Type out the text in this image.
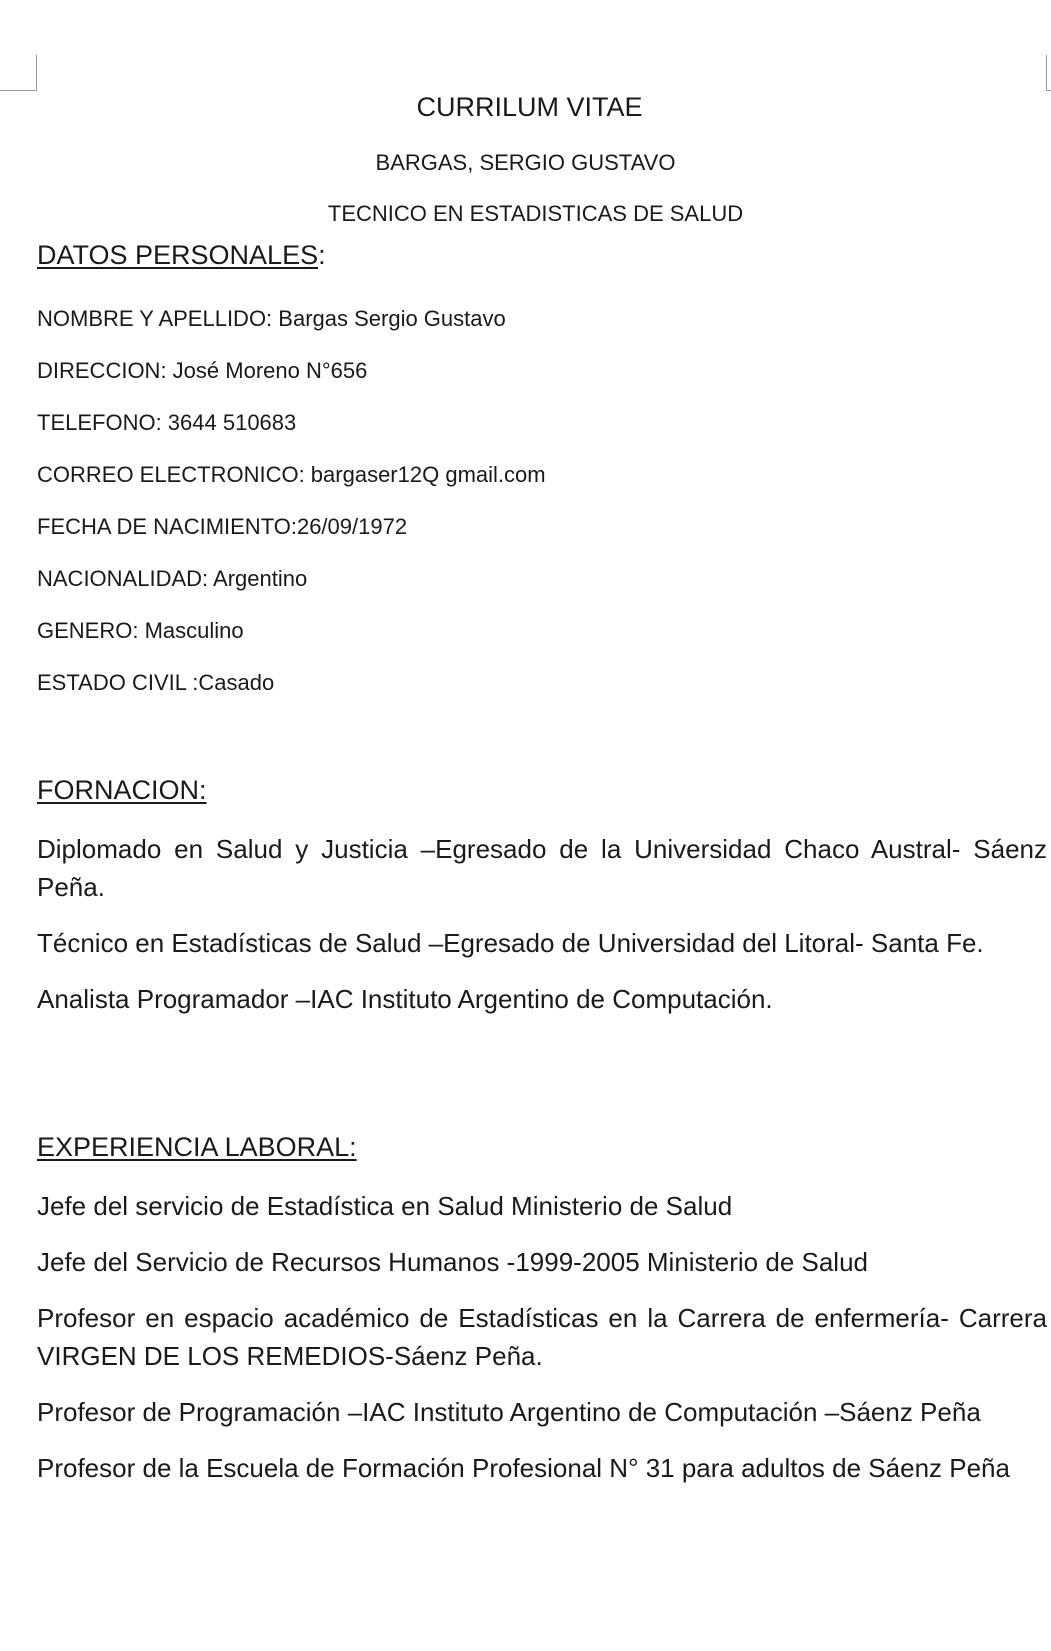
CURRILUM VITAE
BARGAS, SERGIO GUSTAVO
TECNICO EN ESTADISTICAS DE SALUD
DATOS PERSONALES:
NOMBRE Y APELLIDO: Bargas Sergio Gustavo
DIRECCION: José Moreno N°656
TELEFONO: 3644 510683
CORREO ELECTRONICO: bargaser12Q gmail.com
FECHA DE NACIMIENTO:26/09/1972
NACIONALIDAD: Argentino
GENERO: Masculino
ESTADO CIVIL :Casado
FORNACION:
Diplomado en Salud y Justicia –Egresado de la Universidad Chaco Austral- Sáenz Peña.
Técnico en Estadísticas de Salud –Egresado de Universidad del Litoral- Santa Fe.
Analista Programador –IAC Instituto Argentino de Computación.
EXPERIENCIA LABORAL:
Jefe del servicio de Estadística en Salud Ministerio de Salud
Jefe del Servicio de Recursos Humanos -1999-2005 Ministerio de Salud
Profesor en espacio académico de Estadísticas en la Carrera de enfermería- Carrera VIRGEN DE LOS REMEDIOS-Sáenz Peña.
Profesor de Programación –IAC Instituto Argentino de Computación –Sáenz Peña
Profesor de la Escuela de Formación Profesional N° 31 para adultos de Sáenz Peña
